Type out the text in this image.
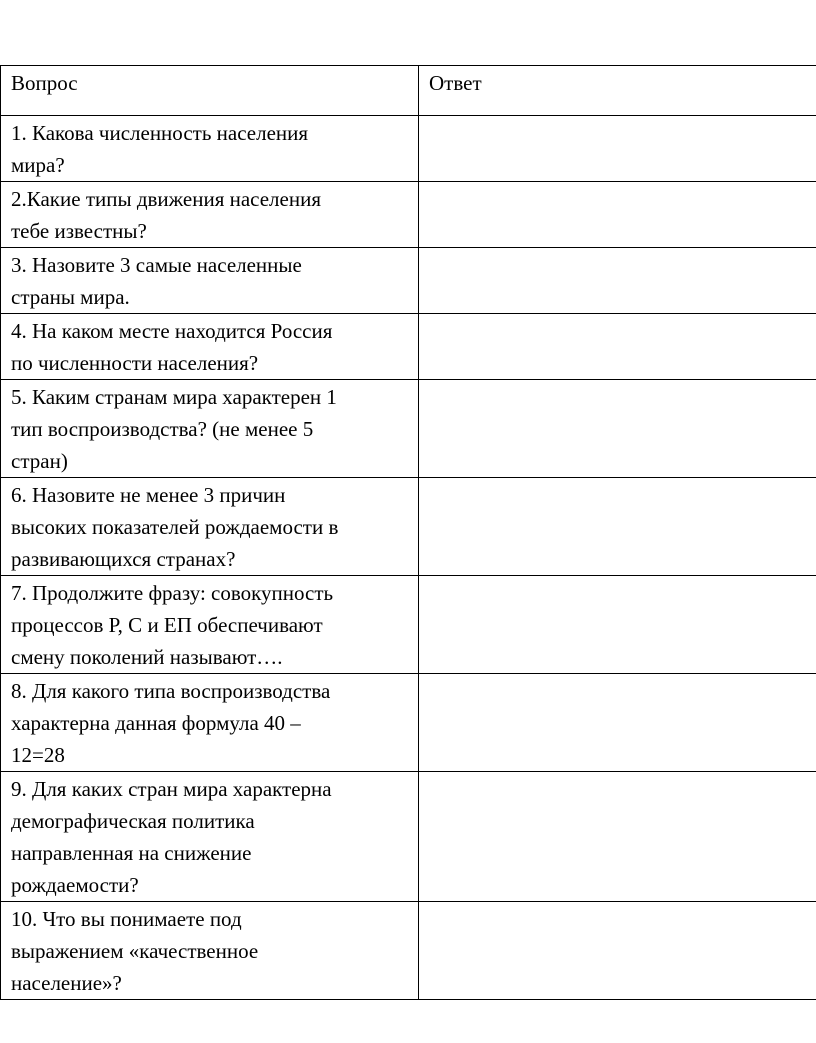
Вопрос	Ответ

1. Какова численность населения
мира?	

2.Какие типы движения населения
тебе известны?	

3. Назовите 3 самые населенные
страны мира.	

4. На каком месте находится Россия
по численности населения?	

5. Каким странам мира характерен 1
тип воспроизводства? (не менее 5
стран)	

6. Назовите не менее 3 причин
высоких показателей рождаемости в
развивающихся странах?	

7. Продолжите фразу: совокупность
процессов Р, С и ЕП обеспечивают
смену поколений называют….	

8. Для какого типа воспроизводства
характерна данная формула 40 –
12=28	

9. Для каких стран мира характерна
демографическая политика
направленная на снижение
рождаемости?	

10. Что вы понимаете под
выражением «качественное
население»?	
